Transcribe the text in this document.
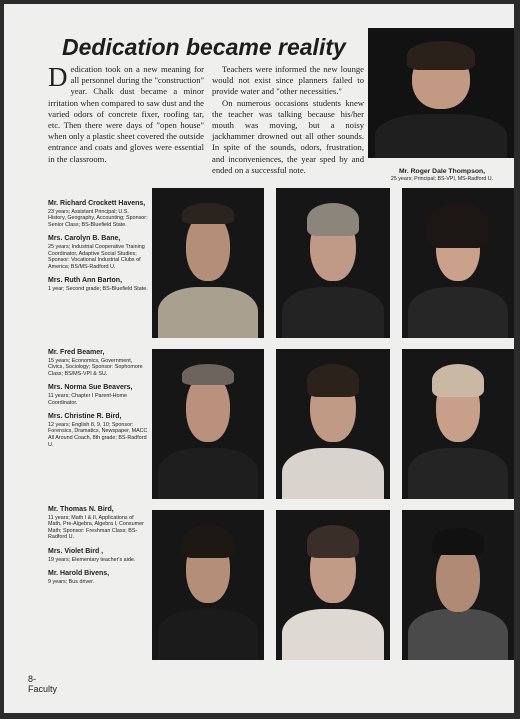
Dedication became reality
Dedication took on a new meaning for all personnel during the "construction" year. Chalk dust became a minor irritation when compared to saw dust and the varied odors of concrete fixer, roofing tar, etc. Then there were days of "open house" when only a plastic sheet covered the outside entrance and coats and gloves were essential in the classroom.
Teachers were informed the new lounge would not exist since planners failed to provide water and "other necessities."
On numerous occasions students knew the teacher was talking because his/her mouth was moving, but a noisy jackhammer drowned out all other sounds. In spite of the sounds, odors, frustration, and inconveniences, the year sped by and ended on a successful note.	Mr. Roger Dale Thompson,
25 years; Principal; BS-VPI, MS-Radford U.
Mr. Richard Crockett Havens,
23 years; Assistant Principal; U.S. History, Geography, Accounting; Sponsor: Senior Class; BS-Bluefield State.
Mrs. Carolyn B. Bane,
25 years; Industrial Cooperative Training Coordinator, Adaptive Social Studies; Sponsor: Vocational Industrial Clubs of America; BS/MS-Radford U.
Mrs. Ruth Ann Barton,
1 year; Second grade; BS-Bluefield State.
Mr. Fred Beamer,
15 years; Economics, Government, Civics, Sociology; Sponsor: Sophomore Class; BS/MS-VPI & SU.
Mrs. Norma Sue Beavers,
11 years; Chapter I Parent-Home Coordinator.
Mrs. Christine R. Bird,
12 years; English 8, 9, 10; Sponsor: Forensics, Dramatics, Newspaper, MACC All Around Coach, 8th grade; BS-Radford U.
Mr. Thomas N. Bird,
11 years; Math I & II, Applications of Math, Pre-Algebra, Algebra I, Consumer Math; Sponsor: Freshman Class; BS-Radford U.
Mrs. Violet Bird ,
19 years; Elementary teacher's aide.
Mr. Harold Bivens,
9 years; Bus driver.
8-
Faculty
